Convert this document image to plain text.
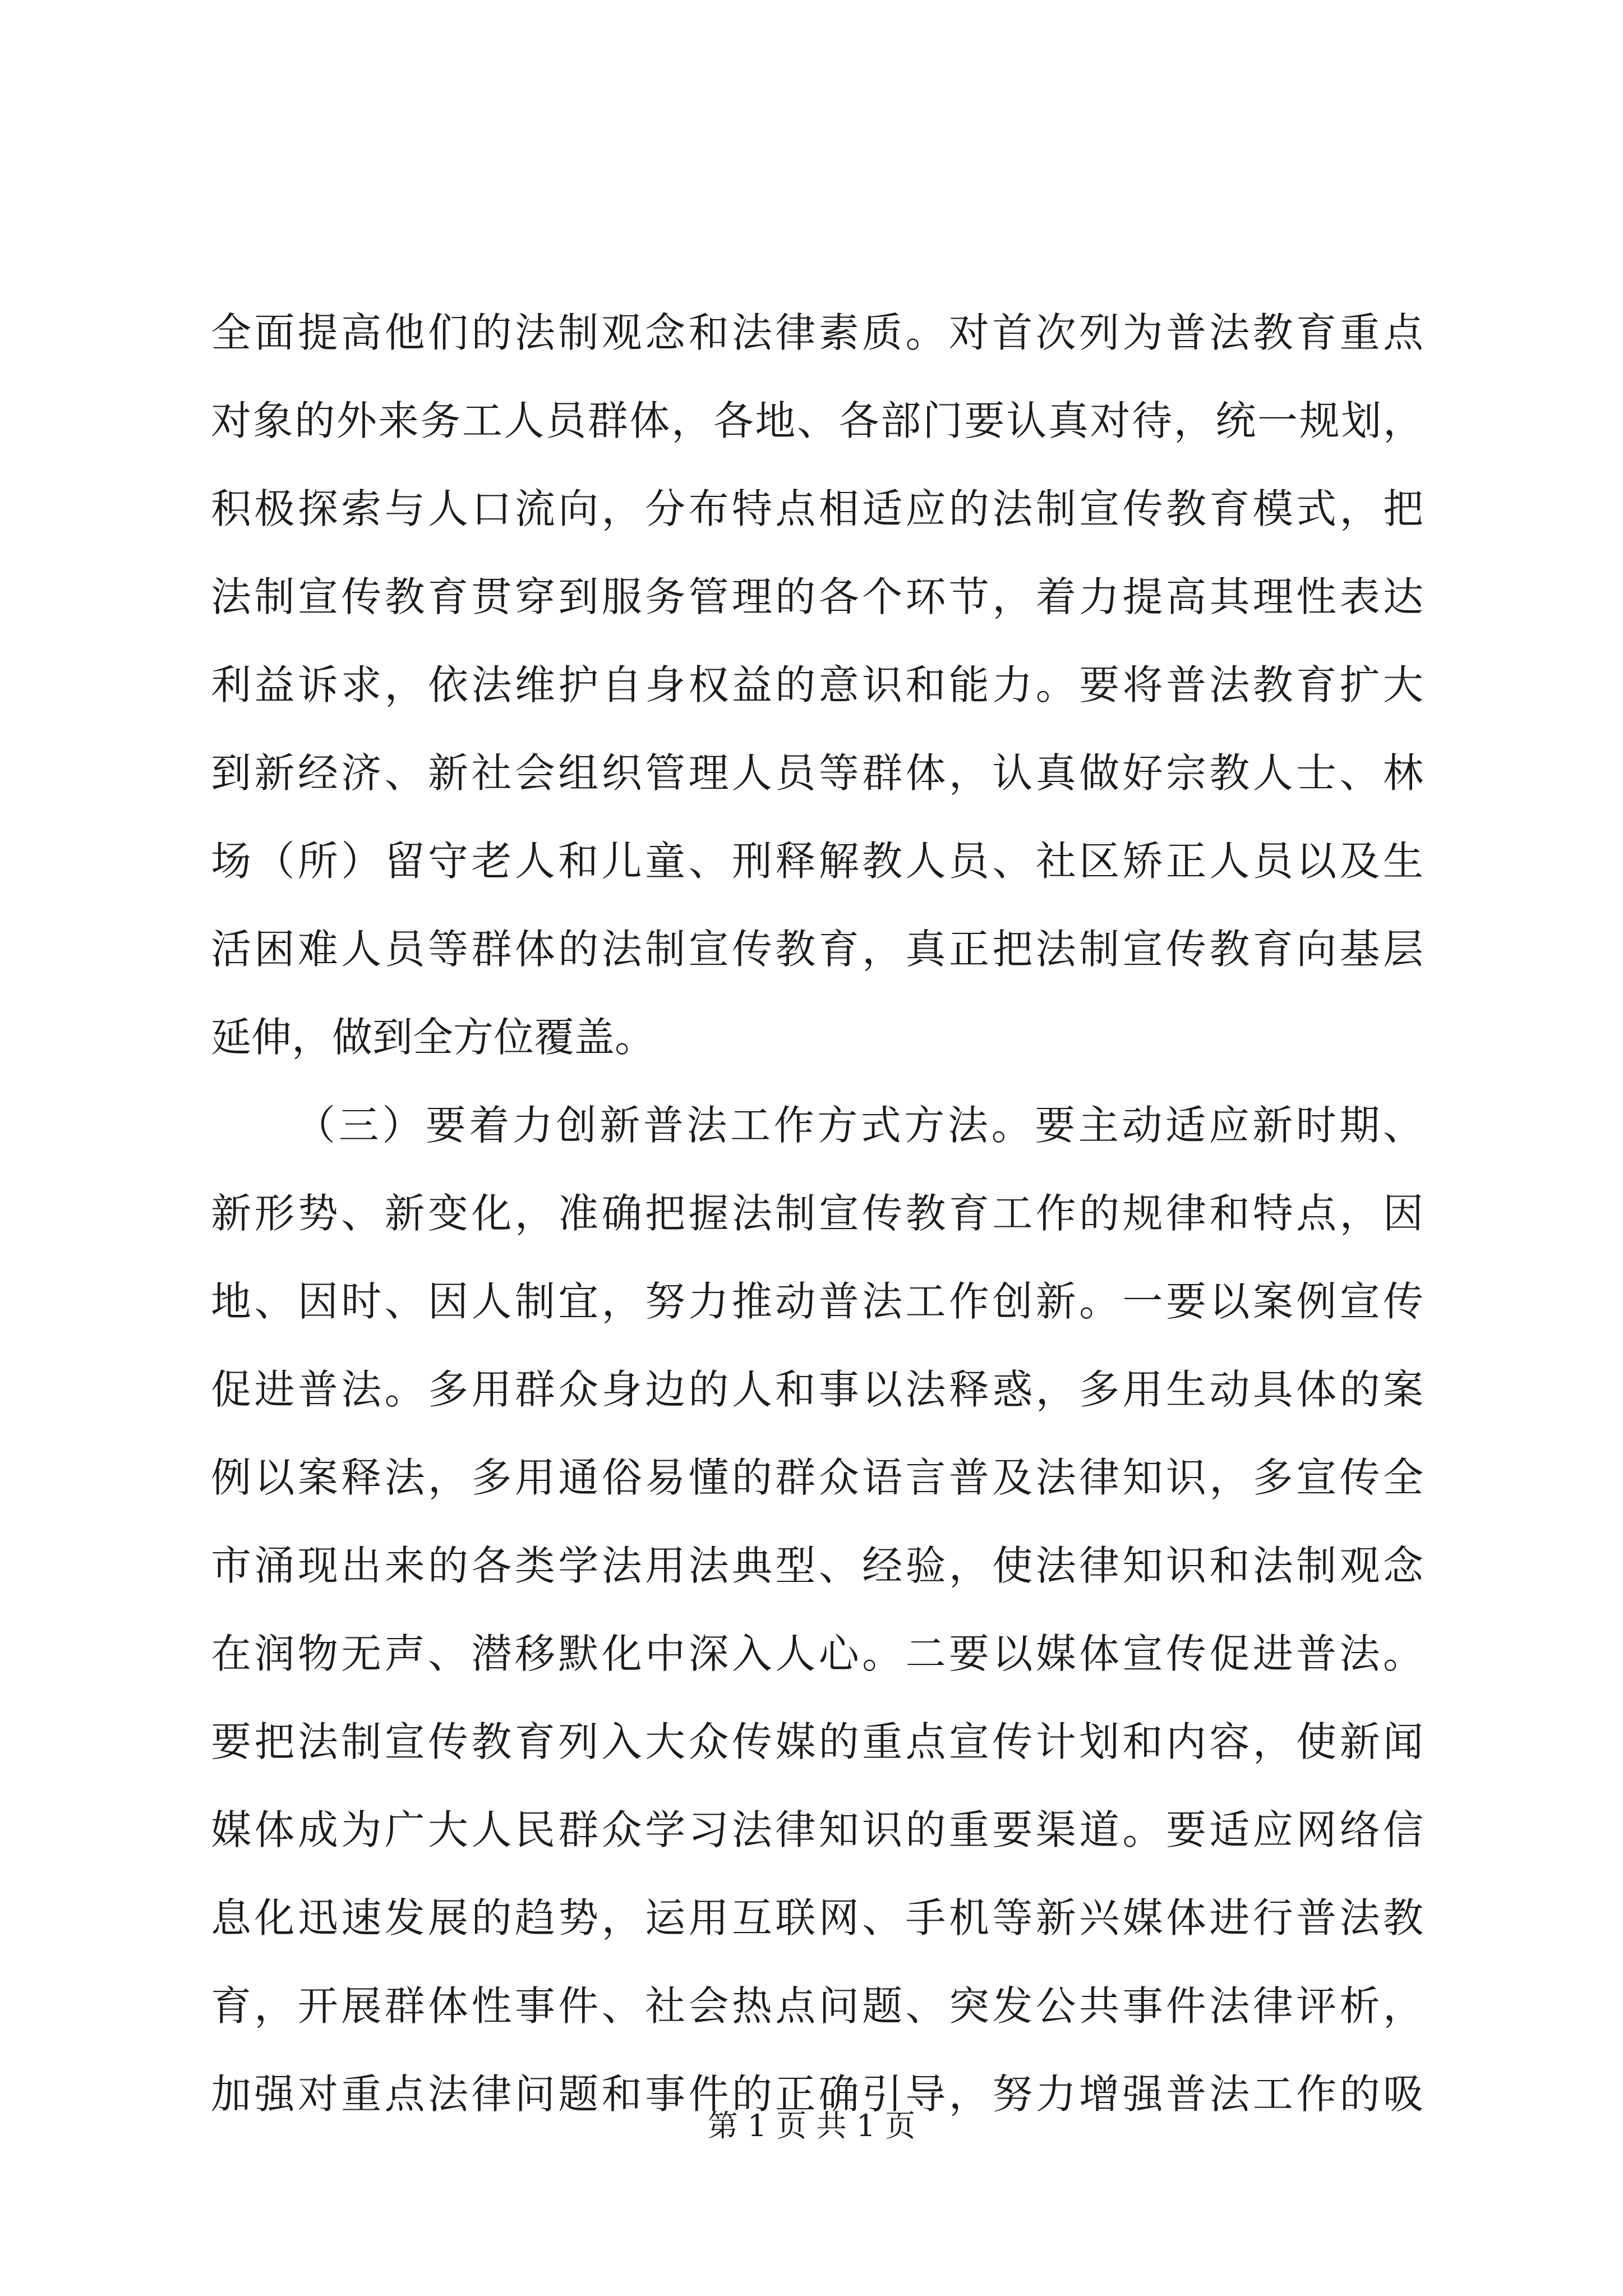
全面提高他们的法制观念和法律素质。对首次列为普法教育重点
对象的外来务工人员群体，各地、各部门要认真对待，统一规划，
积极探索与人口流向，分布特点相适应的法制宣传教育模式，把
法制宣传教育贯穿到服务管理的各个环节，着力提高其理性表达
利益诉求，依法维护自身权益的意识和能力。要将普法教育扩大
到新经济、新社会组织管理人员等群体，认真做好宗教人士、林
场（所）留守老人和儿童、刑释解教人员、社区矫正人员以及生
活困难人员等群体的法制宣传教育，真正把法制宣传教育向基层
延伸，做到全方位覆盖。
（三）要着力创新普法工作方式方法。要主动适应新时期、
新形势、新变化，准确把握法制宣传教育工作的规律和特点，因
地、因时、因人制宜，努力推动普法工作创新。一要以案例宣传
促进普法。多用群众身边的人和事以法释惑，多用生动具体的案
例以案释法，多用通俗易懂的群众语言普及法律知识，多宣传全
市涌现出来的各类学法用法典型、经验，使法律知识和法制观念
在润物无声、潜移默化中深入人心。二要以媒体宣传促进普法。
要把法制宣传教育列入大众传媒的重点宣传计划和内容，使新闻
媒体成为广大人民群众学习法律知识的重要渠道。要适应网络信
息化迅速发展的趋势，运用互联网、手机等新兴媒体进行普法教
育，开展群体性事件、社会热点问题、突发公共事件法律评析，
加强对重点法律问题和事件的正确引导，努力增强普法工作的吸
第 1 页 共 1 页
